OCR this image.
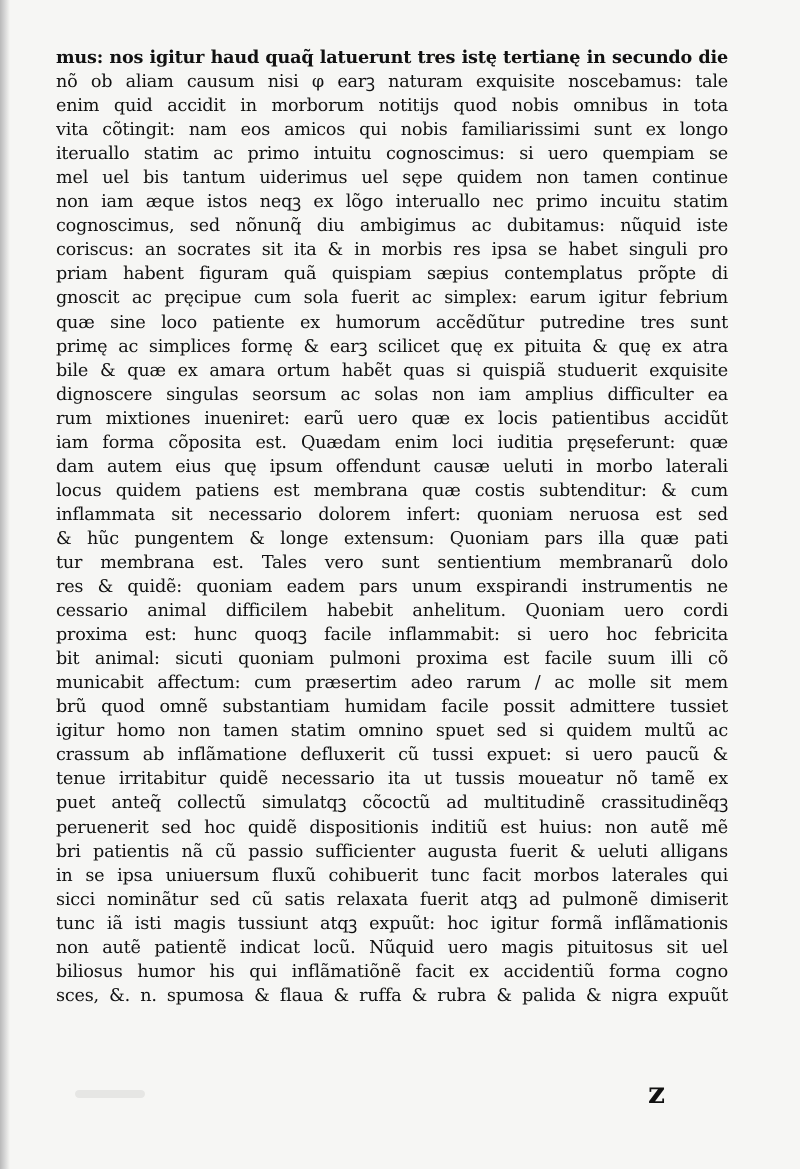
mus: nos igitur haud quaq̃ latuerunt tres istę tertianę in secundo die
nõ ob aliam causum nisi φ earꝫ naturam exquisite noscebamus: tale
enim quid accidit in morborum notitijs quod nobis omnibus in tota
vita cõtingit: nam eos amicos qui nobis familiarissimi sunt ex longo
iteruallo statim ac primo intuitu cognoscimus: si uero quempiam se
mel uel bis tantum uiderimus uel sępe quidem non tamen continue
non iam æque istos neqꝫ ex lõgo interuallo nec primo incuitu statim
cognoscimus, sed nõnunq̃ diu ambigimus ac dubitamus: nũquid iste
coriscus: an socrates sit ita & in morbis res ipsa se habet singuli pro
priam habent figuram quã quispiam sæpius contemplatus prõpte di
gnoscit ac pręcipue cum sola fuerit ac simplex: earum igitur febrium
quæ sine loco patiente ex humorum accẽdũtur putredine tres sunt
primę ac simplices formę & earꝫ scilicet quę ex pituita & quę ex atra
bile & quæ ex amara ortum habẽt quas si quispiã studuerit exquisite
dignoscere singulas seorsum ac solas non iam amplius difficulter ea
rum mixtiones inueniret: earũ uero quæ ex locis patientibus accidũt
iam forma cõposita est. Quædam enim loci iuditia pręseferunt: quæ
dam autem eius quę ipsum offendunt causæ ueluti in morbo laterali
locus quidem patiens est membrana quæ costis subtenditur: & cum
inflammata sit necessario dolorem infert: quoniam neruosa est sed
& hũc pungentem & longe extensum: Quoniam pars illa quæ pati
tur membrana est. Tales vero sunt sentientium membranarũ dolo
res & quidẽ: quoniam eadem pars unum exspirandi instrumentis ne
cessario animal difficilem habebit anhelitum. Quoniam uero cordi
proxima est: hunc quoqꝫ facile inflammabit: si uero hoc febricita
bit animal: sicuti quoniam pulmoni proxima est facile suum illi cõ
municabit affectum: cum præsertim adeo rarum / ac molle sit mem
brũ quod omnẽ substantiam humidam facile possit admittere tussiet
igitur homo non tamen statim omnino spuet sed si quidem multũ ac
crassum ab inflãmatione defluxerit cũ tussi expuet: si uero paucũ &
tenue irritabitur quidẽ necessario ita ut tussis moueatur nõ tamẽ ex
puet anteq̃ collectũ simulatqꝫ cõcoctũ ad multitudinẽ crassitudinẽqꝫ
peruenerit sed hoc quidẽ dispositionis inditiũ est huius: non autẽ mẽ
bri patientis nã cũ passio sufficienter augusta fuerit & ueluti alligans
in se ipsa uniuersum fluxũ cohibuerit tunc facit morbos laterales qui
sicci nominãtur sed cũ satis relaxata fuerit atqꝫ ad pulmonẽ dimiserit
tunc iã isti magis tussiunt atqꝫ expuũt: hoc igitur formã inflãmationis
non autẽ patientẽ indicat locũ. Nũquid uero magis pituitosus sit uel
biliosus humor his qui inflãmatiõnẽ facit ex accidentiũ forma cogno
sces, &. n. spumosa & flaua & ruffa & rubra & palida & nigra expuũt
z
